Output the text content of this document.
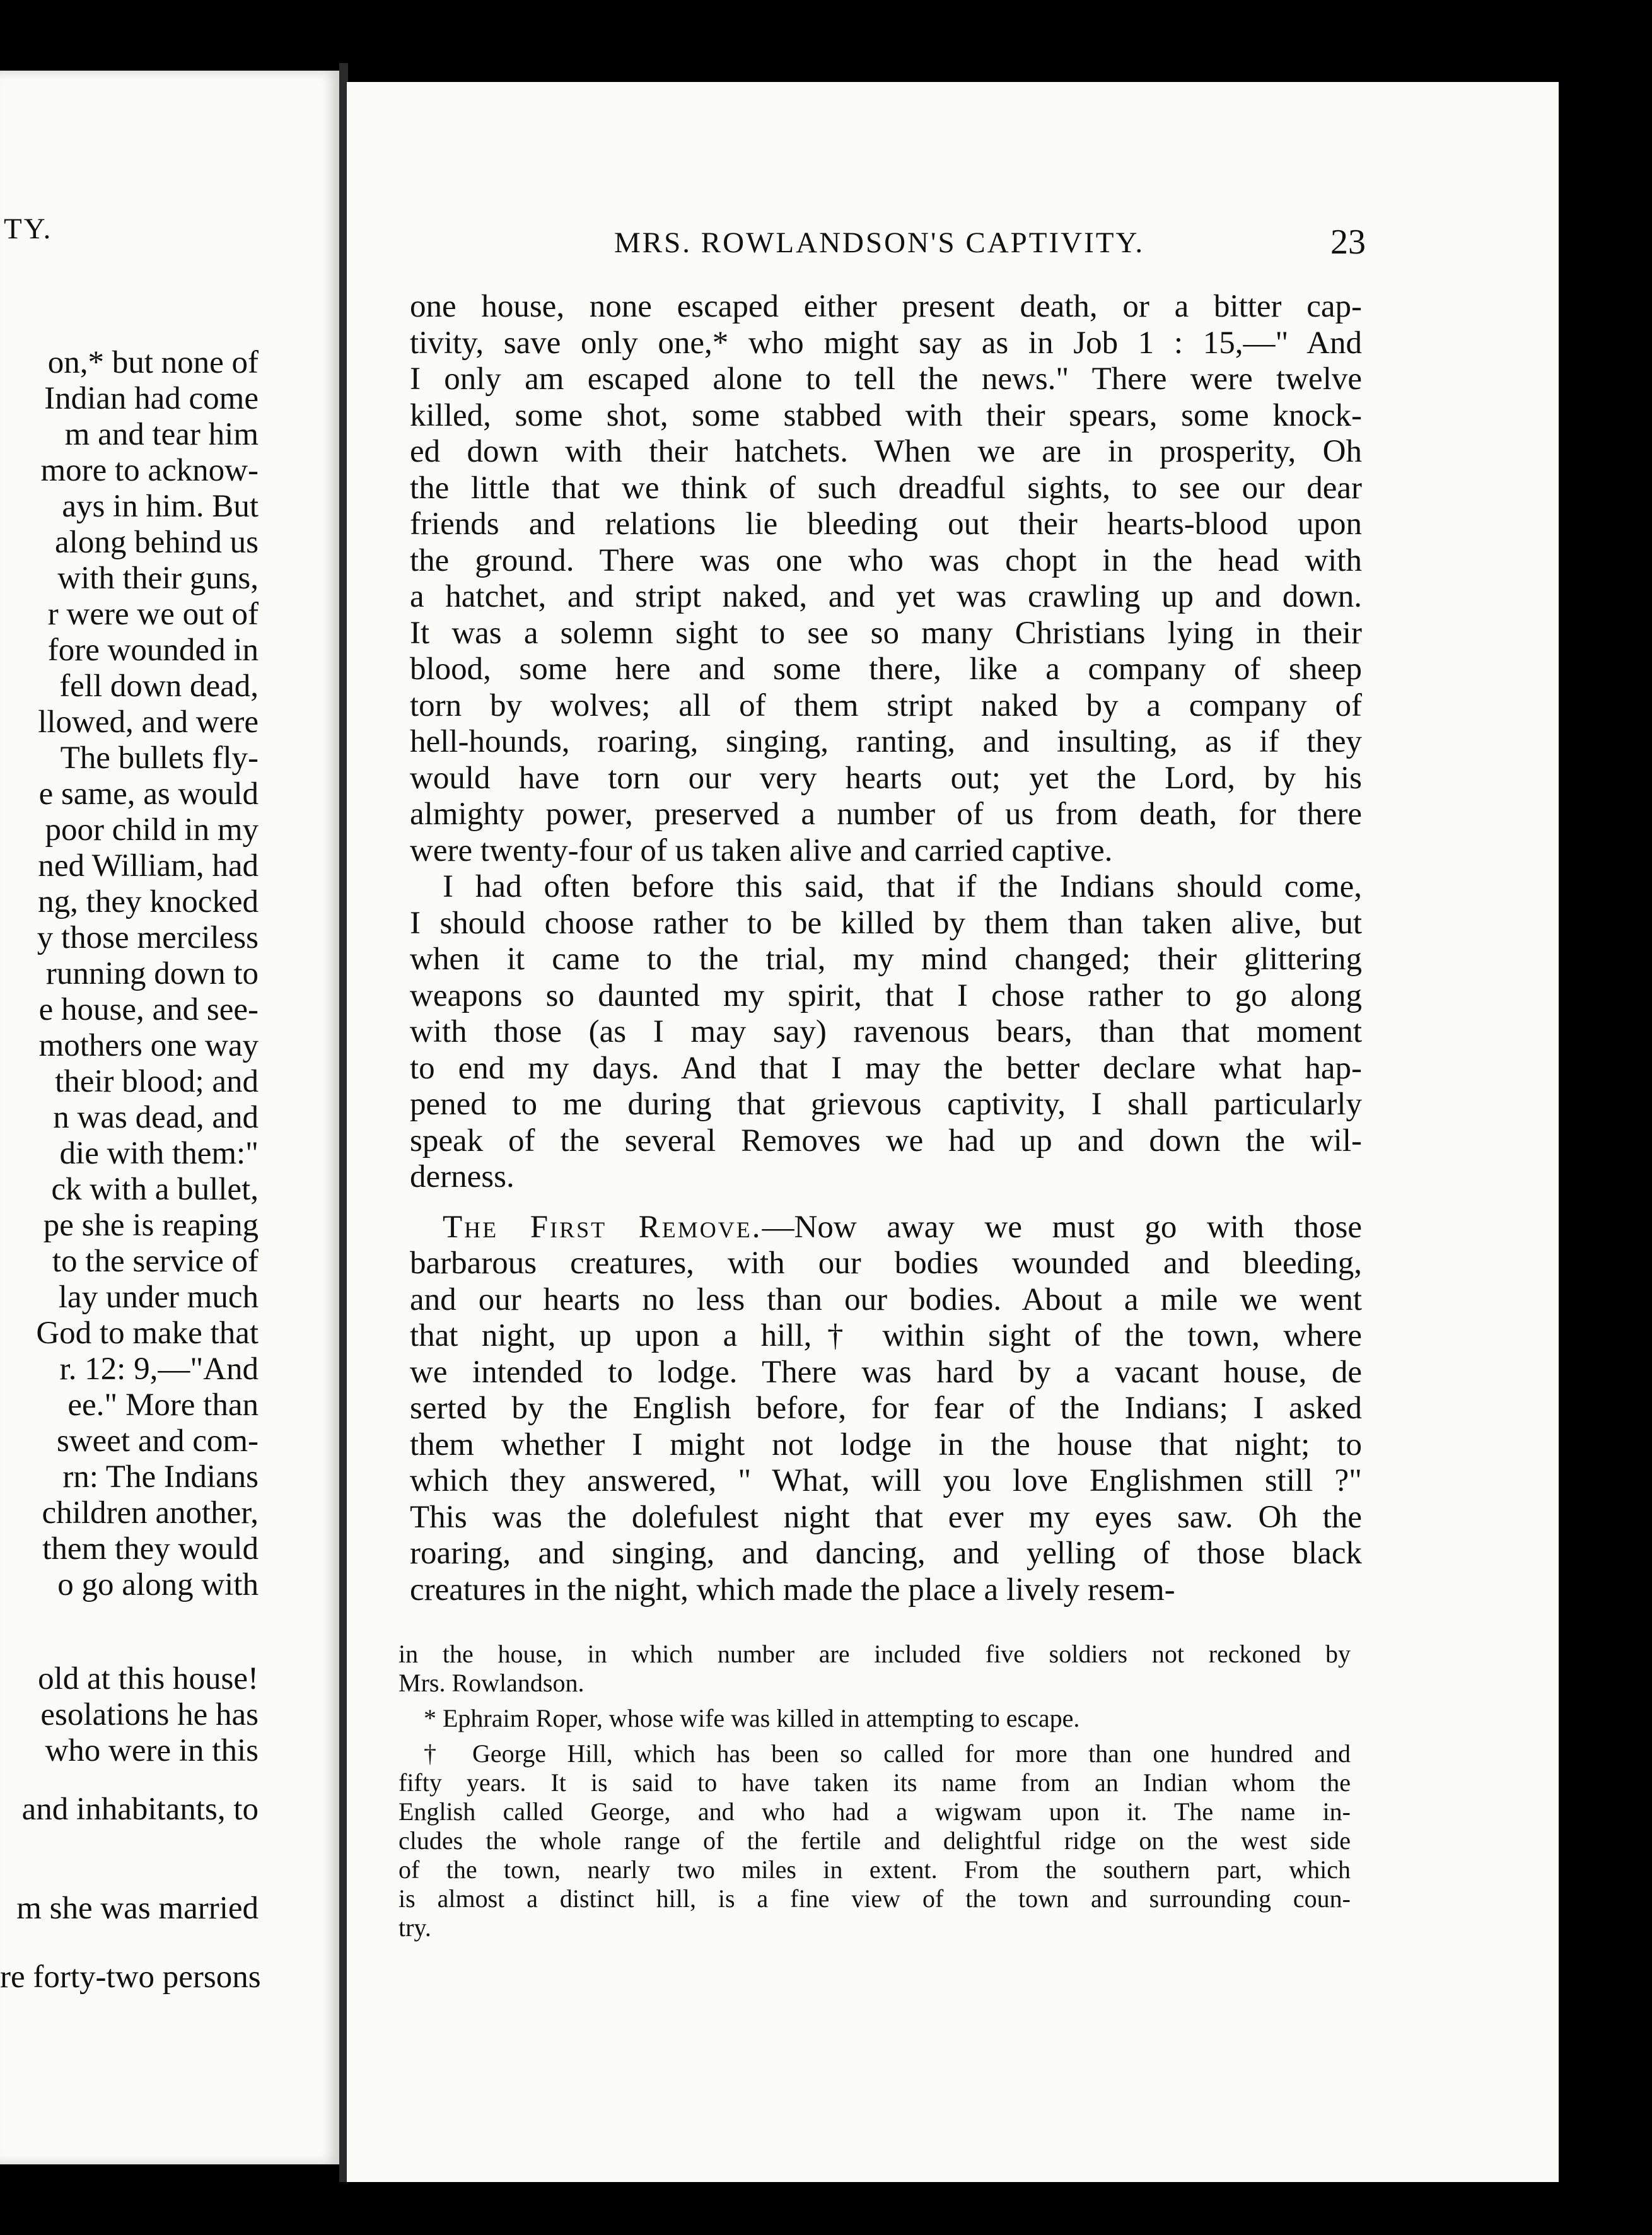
TY.
on,* but none of
Indian had come
m and tear him
more to acknow-
ays in him. But
along behind us
with their guns,
r were we out of
fore wounded in
fell down dead,
llowed, and were
The bullets fly-
e same, as would
poor child in my
ned William, had
ng, they knocked
y those merciless
running down to
e house, and see-
mothers one way
their blood; and
n was dead, and
die with them:"
ck with a bullet,
pe she is reaping
to the service of
lay under much
God to make that
r. 12: 9,—"And
ee." More than
sweet and com-
rn: The Indians
children another,
them they would
o go along with
old at this house!
esolations he has
who were in this
and inhabitants, to
m she was married
re forty-two persons
MRS. ROWLANDSON'S CAPTIVITY.	23
one house, none escaped either present death, or a bitter cap-
tivity, save only one,* who might say as in Job 1 : 15,—" And
I only am escaped alone to tell the news." There were twelve
killed, some shot, some stabbed with their spears, some knock-
ed down with their hatchets. When we are in prosperity, Oh
the little that we think of such dreadful sights, to see our dear
friends and relations lie bleeding out their hearts-blood upon
the ground. There was one who was chopt in the head with
a hatchet, and stript naked, and yet was crawling up and down.
It was a solemn sight to see so many Christians lying in their
blood, some here and some there, like a company of sheep
torn by wolves; all of them stript naked by a company of
hell-hounds, roaring, singing, ranting, and insulting, as if they
would have torn our very hearts out; yet the Lord, by his
almighty power, preserved a number of us from death, for there
were twenty-four of us taken alive and carried captive.
I had often before this said, that if the Indians should come,
I should choose rather to be killed by them than taken alive, but
when it came to the trial, my mind changed; their glittering
weapons so daunted my spirit, that I chose rather to go along
with those (as I may say) ravenous bears, than that moment
to end my days. And that I may the better declare what hap-
pened to me during that grievous captivity, I shall particularly
speak of the several Removes we had up and down the wil-
derness.
The First Remove.—Now away we must go with those
barbarous creatures, with our bodies wounded and bleeding,
and our hearts no less than our bodies. About a mile we went
that night, up upon a hill,† within sight of the town, where
we intended to lodge. There was hard by a vacant house, de
serted by the English before, for fear of the Indians; I asked
them whether I might not lodge in the house that night; to
which they answered, " What, will you love Englishmen still ?"
This was the dolefulest night that ever my eyes saw. Oh the
roaring, and singing, and dancing, and yelling of those black
creatures in the night, which made the place a lively resem-
in the house, in which number are included five soldiers not reckoned by
Mrs. Rowlandson.
* Ephraim Roper, whose wife was killed in attempting to escape.
† George Hill, which has been so called for more than one hundred and
fifty years. It is said to have taken its name from an Indian whom the
English called George, and who had a wigwam upon it. The name in-
cludes the whole range of the fertile and delightful ridge on the west side
of the town, nearly two miles in extent. From the southern part, which
is almost a distinct hill, is a fine view of the town and surrounding coun-
try.
